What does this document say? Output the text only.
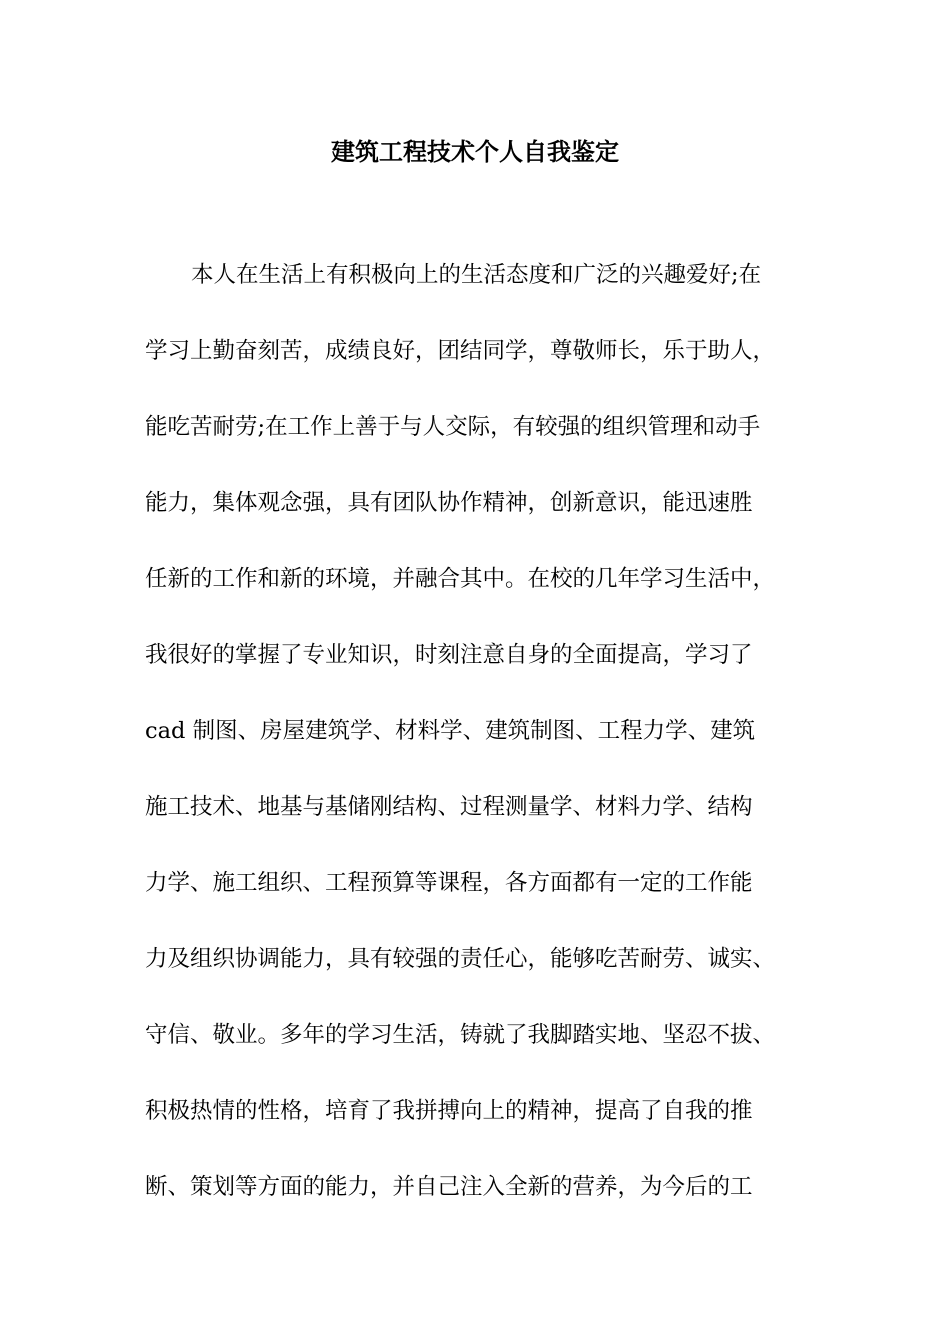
建筑工程技术个人自我鉴定
本人在生活上有积极向上的生活态度和广泛的兴趣爱好;在
学习上勤奋刻苦，成绩良好，团结同学，尊敬师长，乐于助人，
能吃苦耐劳;在工作上善于与人交际，有较强的组织管理和动手
能力，集体观念强，具有团队协作精神，创新意识，能迅速胜
任新的工作和新的环境，并融合其中。在校的几年学习生活中，
我很好的掌握了专业知识，时刻注意自身的全面提高，学习了
cad 制图、房屋建筑学、材料学、建筑制图、工程力学、建筑
施工技术、地基与基储刚结构、过程测量学、材料力学、结构
力学、施工组织、工程预算等课程，各方面都有一定的工作能
力及组织协调能力，具有较强的责任心，能够吃苦耐劳、诚实、
守信、敬业。多年的学习生活，铸就了我脚踏实地、坚忍不拔、
积极热情的性格，培育了我拼搏向上的精神，提高了自我的推
断、策划等方面的能力，并自己注入全新的营养，为今后的工
